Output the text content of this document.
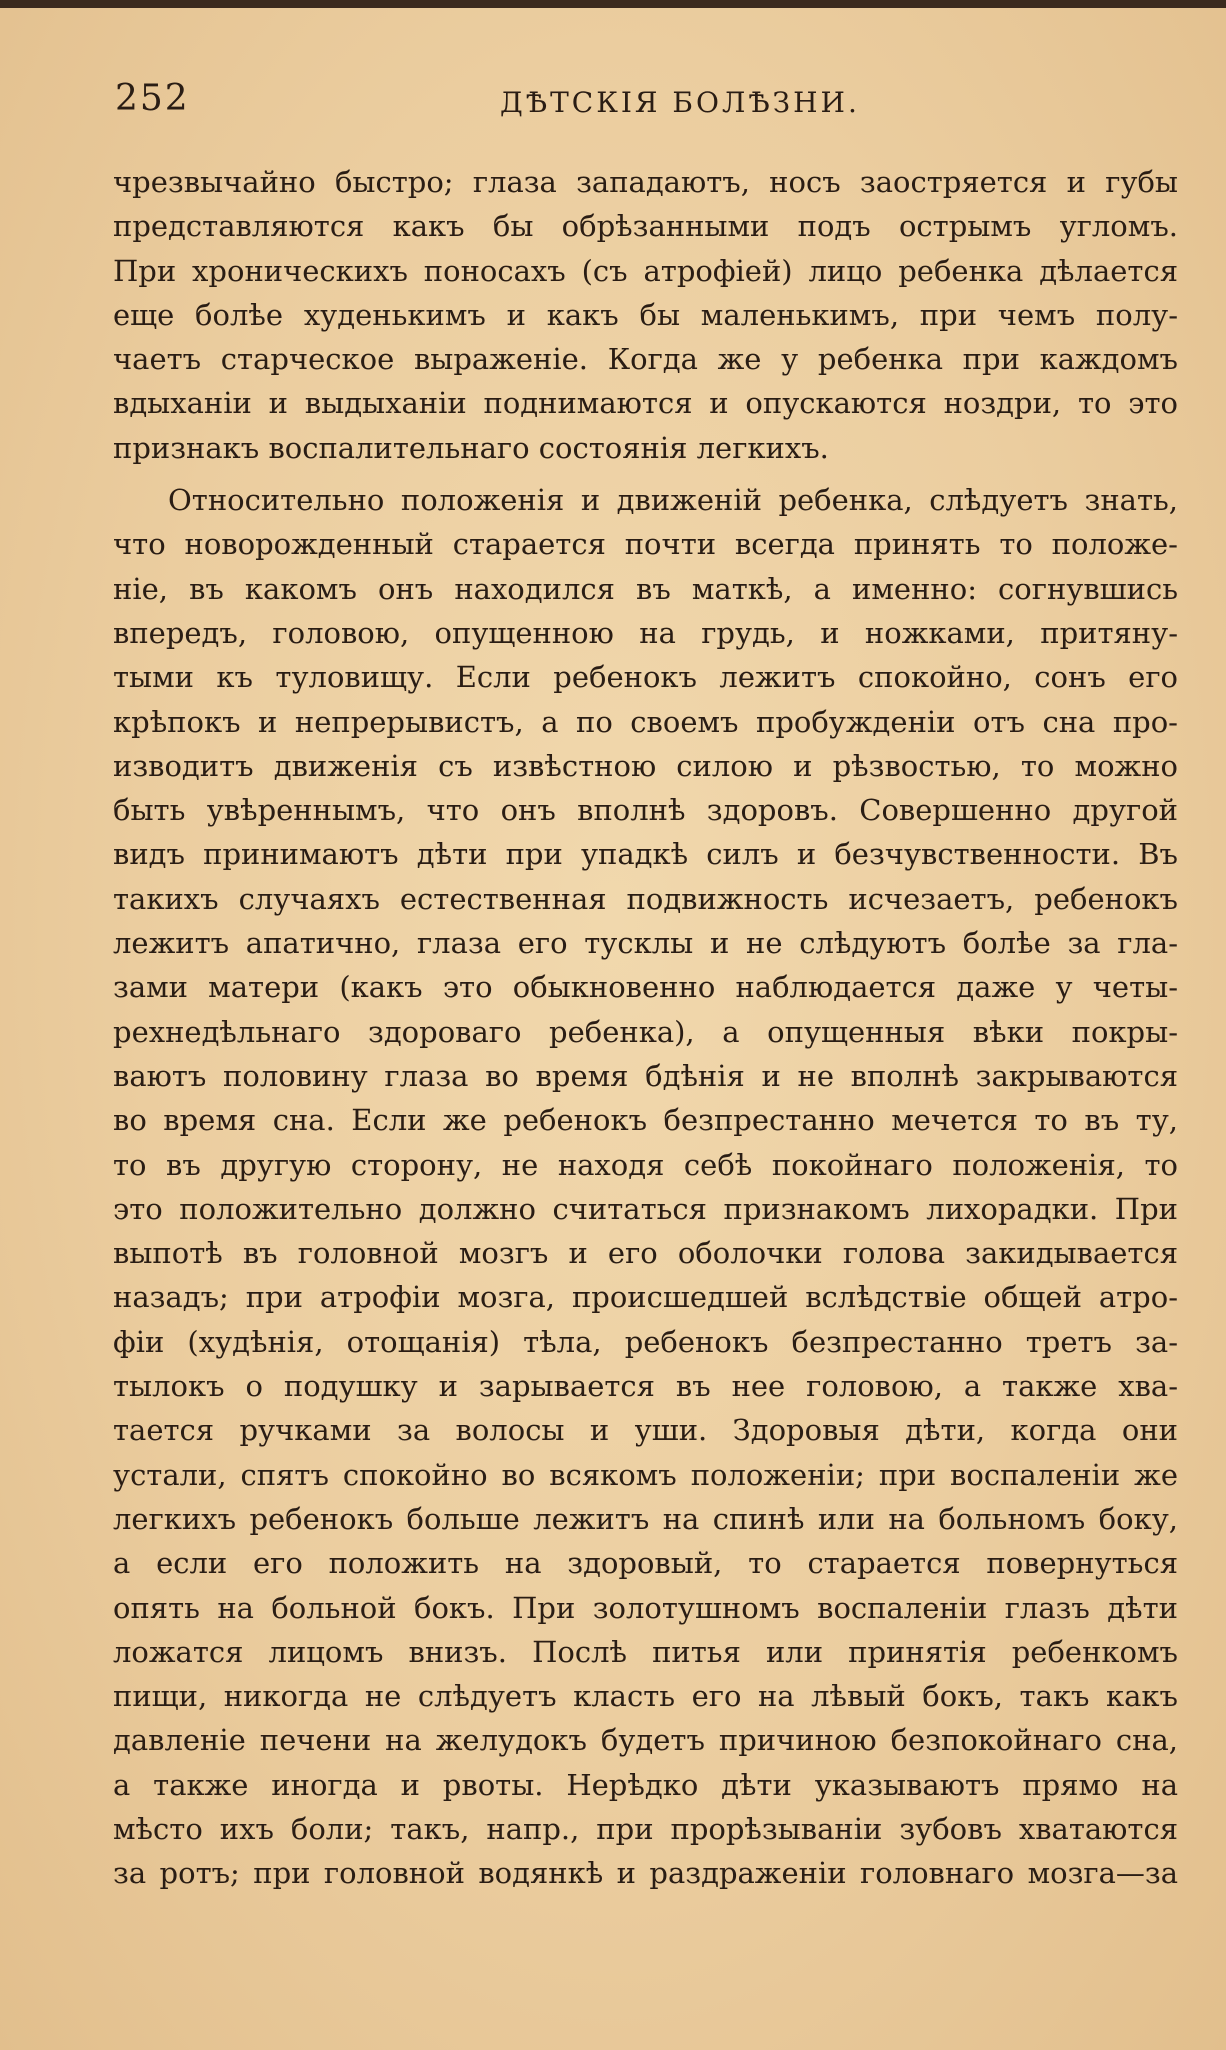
252	ДѢТСКІЯ БОЛѢЗНИ.
чрезвычайно быстро; глаза западаютъ, носъ заостряется и губы
представляются какъ бы обрѣзанными подъ острымъ угломъ.
При хроническихъ поносахъ (съ атрофіей) лицо ребенка дѣлается
еще болѣе худенькимъ и какъ бы маленькимъ, при чемъ полу-
чаетъ старческое выраженіе. Когда же у ребенка при каждомъ
вдыханіи и выдыханіи поднимаются и опускаются ноздри, то это
признакъ воспалительнаго состоянія легкихъ.
Относительно положенія и движеній ребенка, слѣдуетъ знать,
что новорожденный старается почти всегда принять то положе-
ніе, въ какомъ онъ находился въ маткѣ, а именно: согнувшись
впередъ, головою, опущенною на грудь, и ножками, притяну-
тыми къ туловищу. Если ребенокъ лежитъ спокойно, сонъ его
крѣпокъ и непрерывистъ, а по своемъ пробужденіи отъ сна про-
изводитъ движенія съ извѣстною силою и рѣзвостью, то можно
быть увѣреннымъ, что онъ вполнѣ здоровъ. Совершенно другой
видъ принимаютъ дѣти при упадкѣ силъ и безчувственности. Въ
такихъ случаяхъ естественная подвижность исчезаетъ, ребенокъ
лежитъ апатично, глаза его тусклы и не слѣдуютъ болѣе за гла-
зами матери (какъ это обыкновенно наблюдается даже у четы-
рехнедѣльнаго здороваго ребенка), а опущенныя вѣки покры-
ваютъ половину глаза во время бдѣнія и не вполнѣ закрываются
во время сна. Если же ребенокъ безпрестанно мечется то въ ту,
то въ другую сторону, не находя себѣ покойнаго положенія, то
это положительно должно считаться признакомъ лихорадки. При
выпотѣ въ головной мозгъ и его оболочки голова закидывается
назадъ; при атрофіи мозга, происшедшей вслѣдствіе общей атро-
фіи (худѣнія, отощанія) тѣла, ребенокъ безпрестанно третъ за-
тылокъ о подушку и зарывается въ нее головою, а также хва-
тается ручками за волосы и уши. Здоровыя дѣти, когда они
устали, спятъ спокойно во всякомъ положеніи; при воспаленіи же
легкихъ ребенокъ больше лежитъ на спинѣ или на больномъ боку,
а если его положить на здоровый, то старается повернуться
опять на больной бокъ. При золотушномъ воспаленіи глазъ дѣти
ложатся лицомъ внизъ. Послѣ питья или принятія ребенкомъ
пищи, никогда не слѣдуетъ класть его на лѣвый бокъ, такъ какъ
давленіе печени на желудокъ будетъ причиною безпокойнаго сна,
а также иногда и рвоты. Нерѣдко дѣти указываютъ прямо на
мѣсто ихъ боли; такъ, напр., при прорѣзываніи зубовъ хватаются
за ротъ; при головной водянкѣ и раздраженіи головнаго мозга—за
